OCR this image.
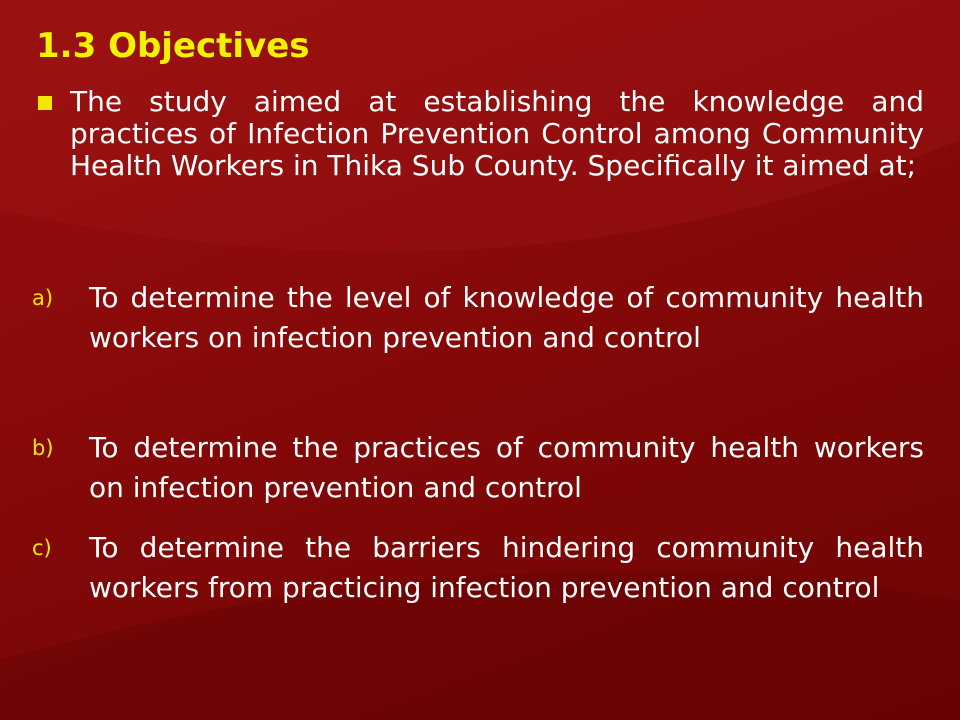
1.3 Objectives
The study aimed at establishing the knowledge and practices of Infection Prevention Control among Community Health Workers in Thika Sub County. Specifically it aimed at;
a) To determine the level of knowledge of community health workers on infection prevention and control
b) To determine the practices of community health workers on infection prevention and control
c) To determine the barriers hindering community health workers from practicing infection prevention and control
